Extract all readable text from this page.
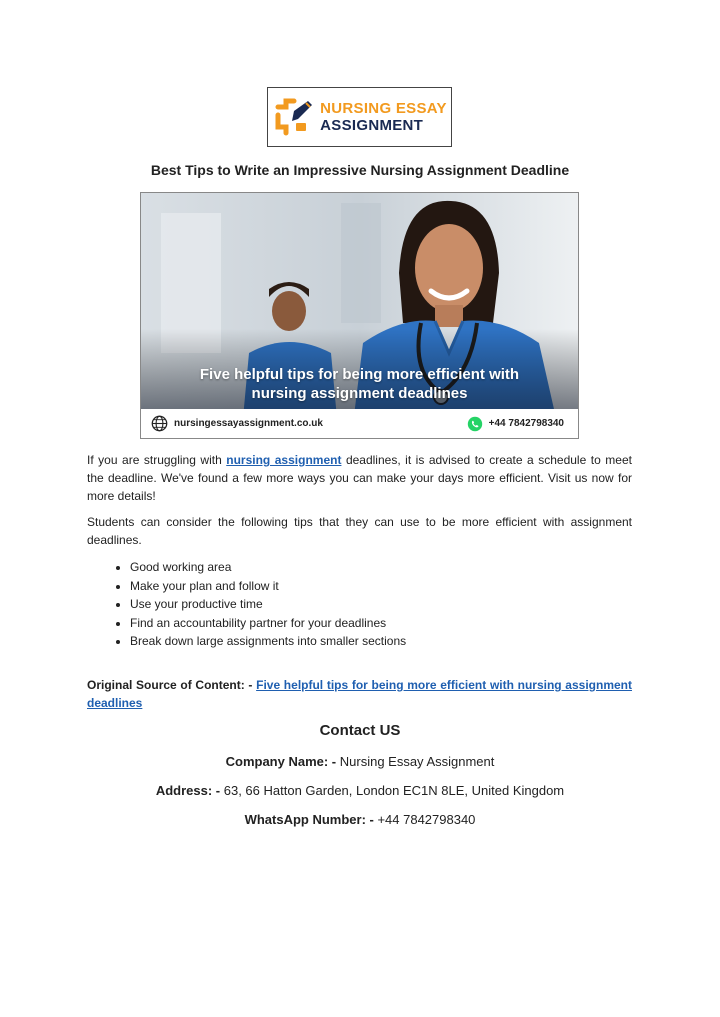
NURSING ESSAY
ASSIGNMENT
Best Tips to Write an Impressive Nursing Assignment Deadline
Five helpful tips for being more efficient with
nursing assignment deadlines
nursingessayassignment.co.uk	+44 7842798340

If you are struggling with nursing assignment deadlines, it is advised to create a schedule to meet the deadline. We've found a few more ways you can make your days more efficient. Visit us now for more details!

Students can consider the following tips that they can use to be more efficient with assignment deadlines.

• Good working area
• Make your plan and follow it
• Use your productive time
• Find an accountability partner for your deadlines
• Break down large assignments into smaller sections

Original Source of Content: - Five helpful tips for being more efficient with nursing assignment deadlines

Contact US
Company Name: - Nursing Essay Assignment
Address: - 63, 66 Hatton Garden, London EC1N 8LE, United Kingdom
WhatsApp Number: - +44 7842798340
